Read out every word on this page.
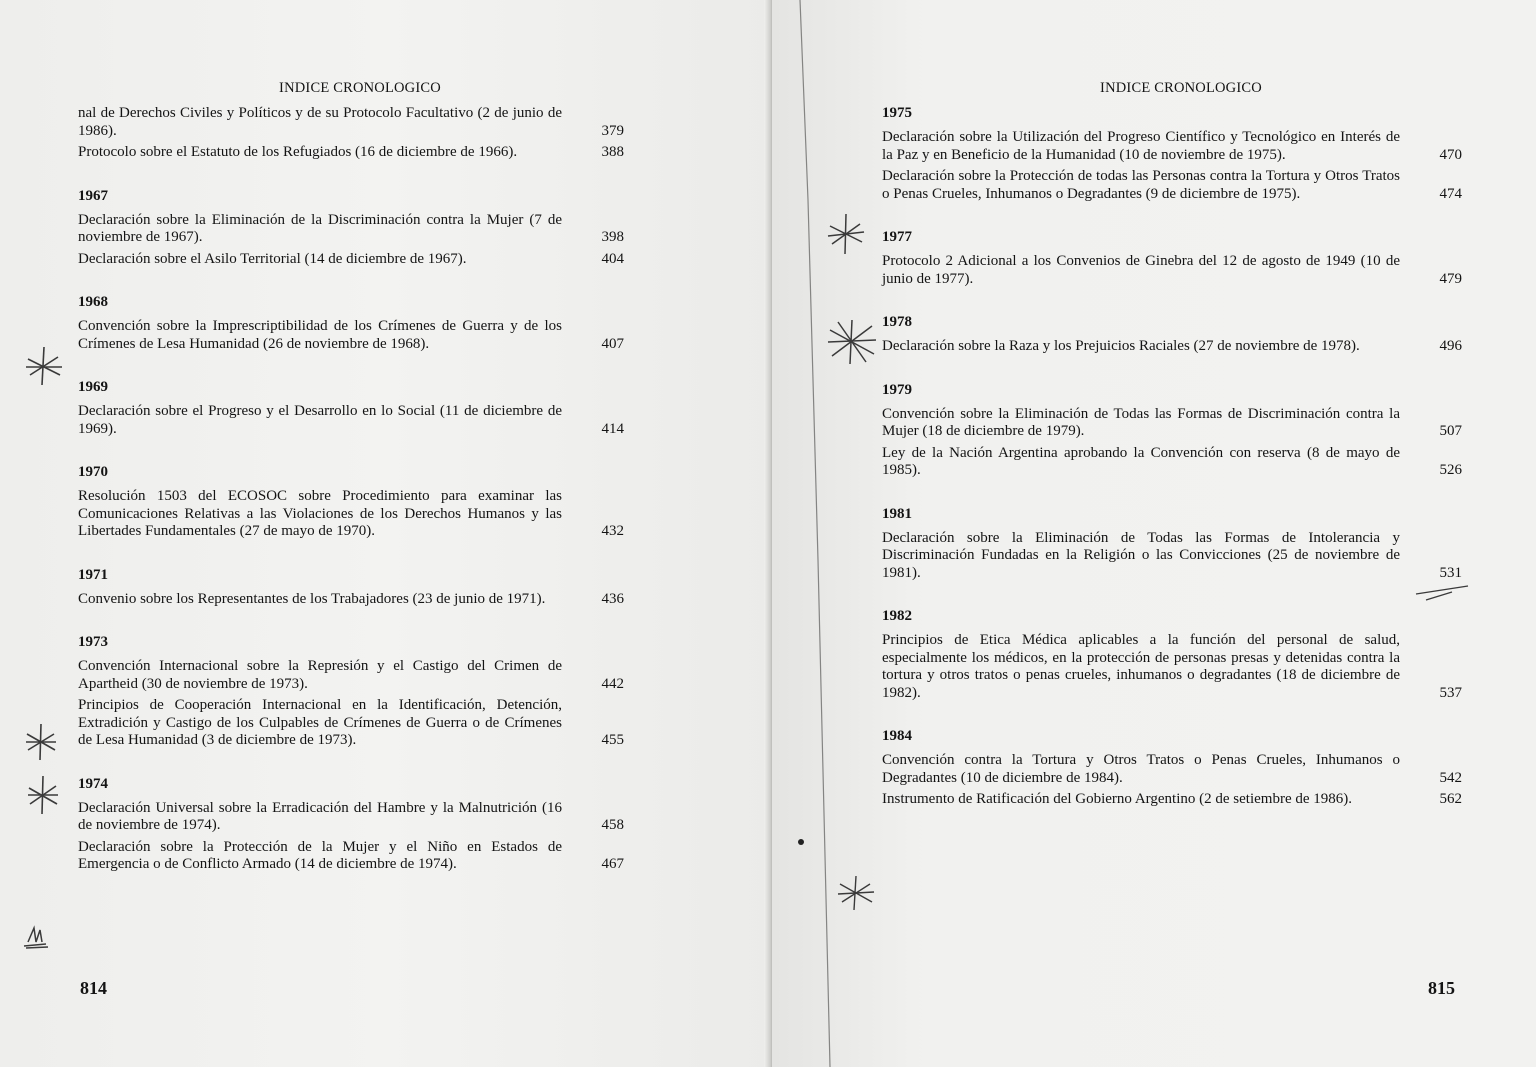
INDICE CRONOLOGICO
nal de Derechos Civiles y Políticos y de su Protocolo Facultativo (2 de junio de 1986).	379
Protocolo sobre el Estatuto de los Refugiados (16 de diciembre de 1966).	388
1967
Declaración sobre la Eliminación de la Discriminación contra la Mujer (7 de noviembre de 1967).	398
Declaración sobre el Asilo Territorial (14 de diciembre de 1967).	404
1968
Convención sobre la Imprescriptibilidad de los Crímenes de Guerra y de los Crímenes de Lesa Humanidad (26 de noviembre de 1968).	407
1969
Declaración sobre el Progreso y el Desarrollo en lo Social (11 de diciembre de 1969).	414
1970
Resolución 1503 del ECOSOC sobre Procedimiento para examinar las Comunicaciones Relativas a las Violaciones de los Derechos Humanos y las Libertades Fundamentales (27 de mayo de 1970).	432
1971
Convenio sobre los Representantes de los Trabajadores (23 de junio de 1971).	436
1973
Convención Internacional sobre la Represión y el Castigo del Crimen de Apartheid (30 de noviembre de 1973).	442
Principios de Cooperación Internacional en la Identificación, Detención, Extradición y Castigo de los Culpables de Crímenes de Guerra o de Crímenes de Lesa Humanidad (3 de diciembre de 1973).	455
1974
Declaración Universal sobre la Erradicación del Hambre y la Malnutrición (16 de noviembre de 1974).	458
Declaración sobre la Protección de la Mujer y el Niño en Estados de Emergencia o de Conflicto Armado (14 de diciembre de 1974).	467
814
INDICE CRONOLOGICO
1975
Declaración sobre la Utilización del Progreso Científico y Tecnológico en Interés de la Paz y en Beneficio de la Humanidad (10 de noviembre de 1975).	470
Declaración sobre la Protección de todas las Personas contra la Tortura y Otros Tratos o Penas Crueles, Inhumanos o Degradantes (9 de diciembre de 1975).	474
1977
Protocolo 2 Adicional a los Convenios de Ginebra del 12 de agosto de 1949 (10 de junio de 1977).	479
1978
Declaración sobre la Raza y los Prejuicios Raciales (27 de noviembre de 1978).	496
1979
Convención sobre la Eliminación de Todas las Formas de Discriminación contra la Mujer (18 de diciembre de 1979).	507
Ley de la Nación Argentina aprobando la Convención con reserva (8 de mayo de 1985).	526
1981
Declaración sobre la Eliminación de Todas las Formas de Intolerancia y Discriminación Fundadas en la Religión o las Convicciones (25 de noviembre de 1981).	531
1982
Principios de Etica Médica aplicables a la función del personal de salud, especialmente los médicos, en la protección de personas presas y detenidas contra la tortura y otros tratos o penas crueles, inhumanos o degradantes (18 de diciembre de 1982).	537
1984
Convención contra la Tortura y Otros Tratos o Penas Crueles, Inhumanos o Degradantes (10 de diciembre de 1984).	542
Instrumento de Ratificación del Gobierno Argentino (2 de setiembre de 1986).	562
815
